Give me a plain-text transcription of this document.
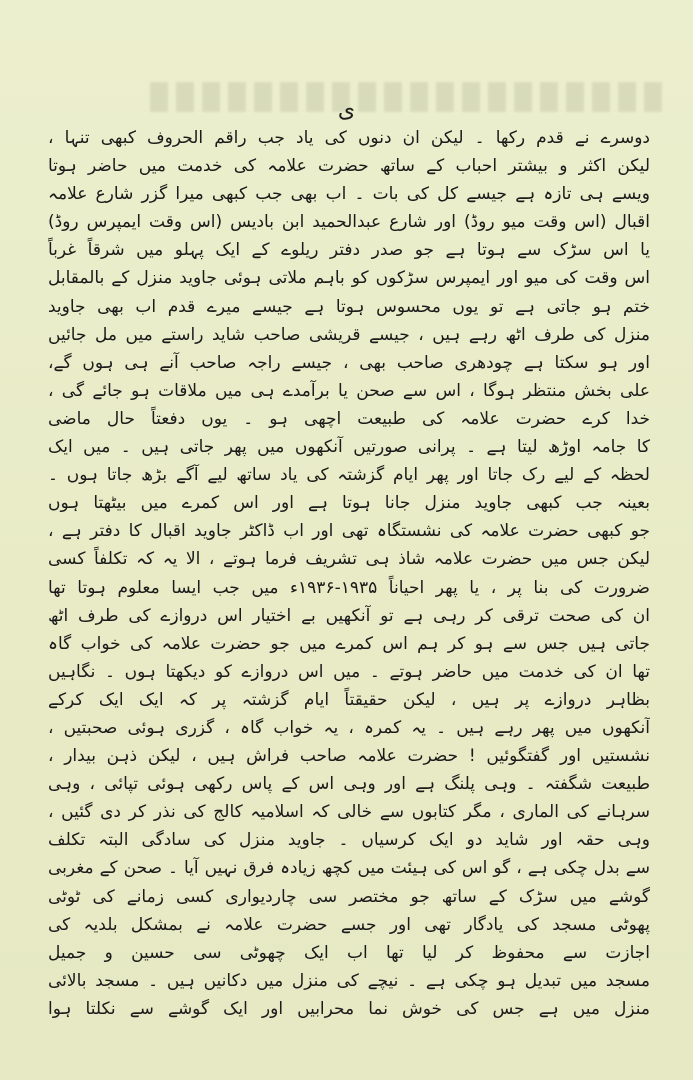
ی
دوسرے نے قدم رکھا ۔ لیکن ان دنوں کی یاد جب راقم الحروف کبھی تنہا ،
لیکن اکثر و بیشتر احباب کے ساتھ حضرت علامہ کی خدمت میں حاضر ہوتا
ویسے ہی تازہ ہے جیسے کل کی بات ۔ اب بھی جب کبھی میرا گزر شارع علامہ
اقبال (اس وقت میو روڈ) اور شارع عبدالحمید ابن بادیس (اس وقت ایمپرس روڈ)
یا اس سڑک سے ہوتا ہے جو صدر دفتر ریلوے کے ایک پہلو میں شرقاً غرباً
اس وقت کی میو اور ایمپرس سڑکوں کو باہم ملاتی ہوئی جاوید منزل کے بالمقابل
ختم ہو جاتی ہے تو یوں محسوس ہوتا ہے جیسے میرے قدم اب بھی جاوید
منزل کی طرف اٹھ رہے ہیں ، جیسے قریشی صاحب شاید راستے میں مل جائیں
اور ہو سکتا ہے چودھری صاحب بھی ، جیسے راجہ صاحب آنے ہی ہوں گے،
علی بخش منتظر ہوگا ، اس سے صحن یا برآمدے ہی میں ملاقات ہو جائے گی ،
خدا کرے حضرت علامہ کی طبیعت اچھی ہو ۔ یوں دفعتاً حال ماضی
کا جامہ اوڑھ لیتا ہے ۔ پرانی صورتیں آنکھوں میں پھر جاتی ہیں ۔ میں ایک
لحظہ کے لیے رک جاتا اور پھر ایام گزشتہ کی یاد ساتھ لیے آگے بڑھ جاتا ہوں ۔
بعینہ جب کبھی جاوید منزل جانا ہوتا ہے اور اس کمرے میں بیٹھتا ہوں
جو کبھی حضرت علامہ کی نشستگاہ تھی اور اب ڈاکٹر جاوید اقبال کا دفتر ہے ،
لیکن جس میں حضرت علامہ شاذ ہی تشریف فرما ہوتے ، الا یہ کہ تکلفاً کسی
ضرورت کی بنا پر ، یا پھر احیاناً ۱۹۳۵-۱۹۳۶ء میں جب ایسا معلوم ہوتا تھا
ان کی صحت ترقی کر رہی ہے تو آنکھیں بے اختیار اس دروازے کی طرف اٹھ
جاتی ہیں جس سے ہو کر ہم اس کمرے میں جو حضرت علامہ کی خواب گاہ
تھا ان کی خدمت میں حاضر ہوتے ۔ میں اس دروازے کو دیکھتا ہوں ۔ نگاہیں
بظاہر دروازے پر ہیں ، لیکن حقیقتاً ایام گزشتہ پر کہ ایک ایک کرکے
آنکھوں میں پھر رہے ہیں ۔ یہ کمرہ ، یہ خواب گاہ ، گزری ہوئی صحبتیں ،
نشستیں اور گفتگوئیں ! حضرت علامہ صاحب فراش ہیں ، لیکن ذہن بیدار ،
طبیعت شگفتہ ۔ وہی پلنگ ہے اور وہی اس کے پاس رکھی ہوئی تپائی ، وہی
سرہانے کی الماری ، مگر کتابوں سے خالی کہ اسلامیہ کالج کی نذر کر دی گئیں ،
وہی حقہ اور شاید دو ایک کرسیاں ۔ جاوید منزل کی سادگی البتہ تکلف
سے بدل چکی ہے ، گو اس کی ہیئت میں کچھ زیادہ فرق نہیں آیا ۔ صحن کے مغربی
گوشے میں سڑک کے ساتھ جو مختصر سی چاردیواری کسی زمانے کی ٹوٹی
پھوٹی مسجد کی یادگار تھی اور جسے حضرت علامہ نے بمشکل بلدیہ کی
اجازت سے محفوظ کر لیا تھا اب ایک چھوٹی سی حسین و جمیل
مسجد میں تبدیل ہو چکی ہے ۔ نیچے کی منزل میں دکانیں ہیں ۔ مسجد بالائی
منزل میں ہے جس کی خوش نما محرابیں اور ایک گوشے سے نکلتا ہوا
